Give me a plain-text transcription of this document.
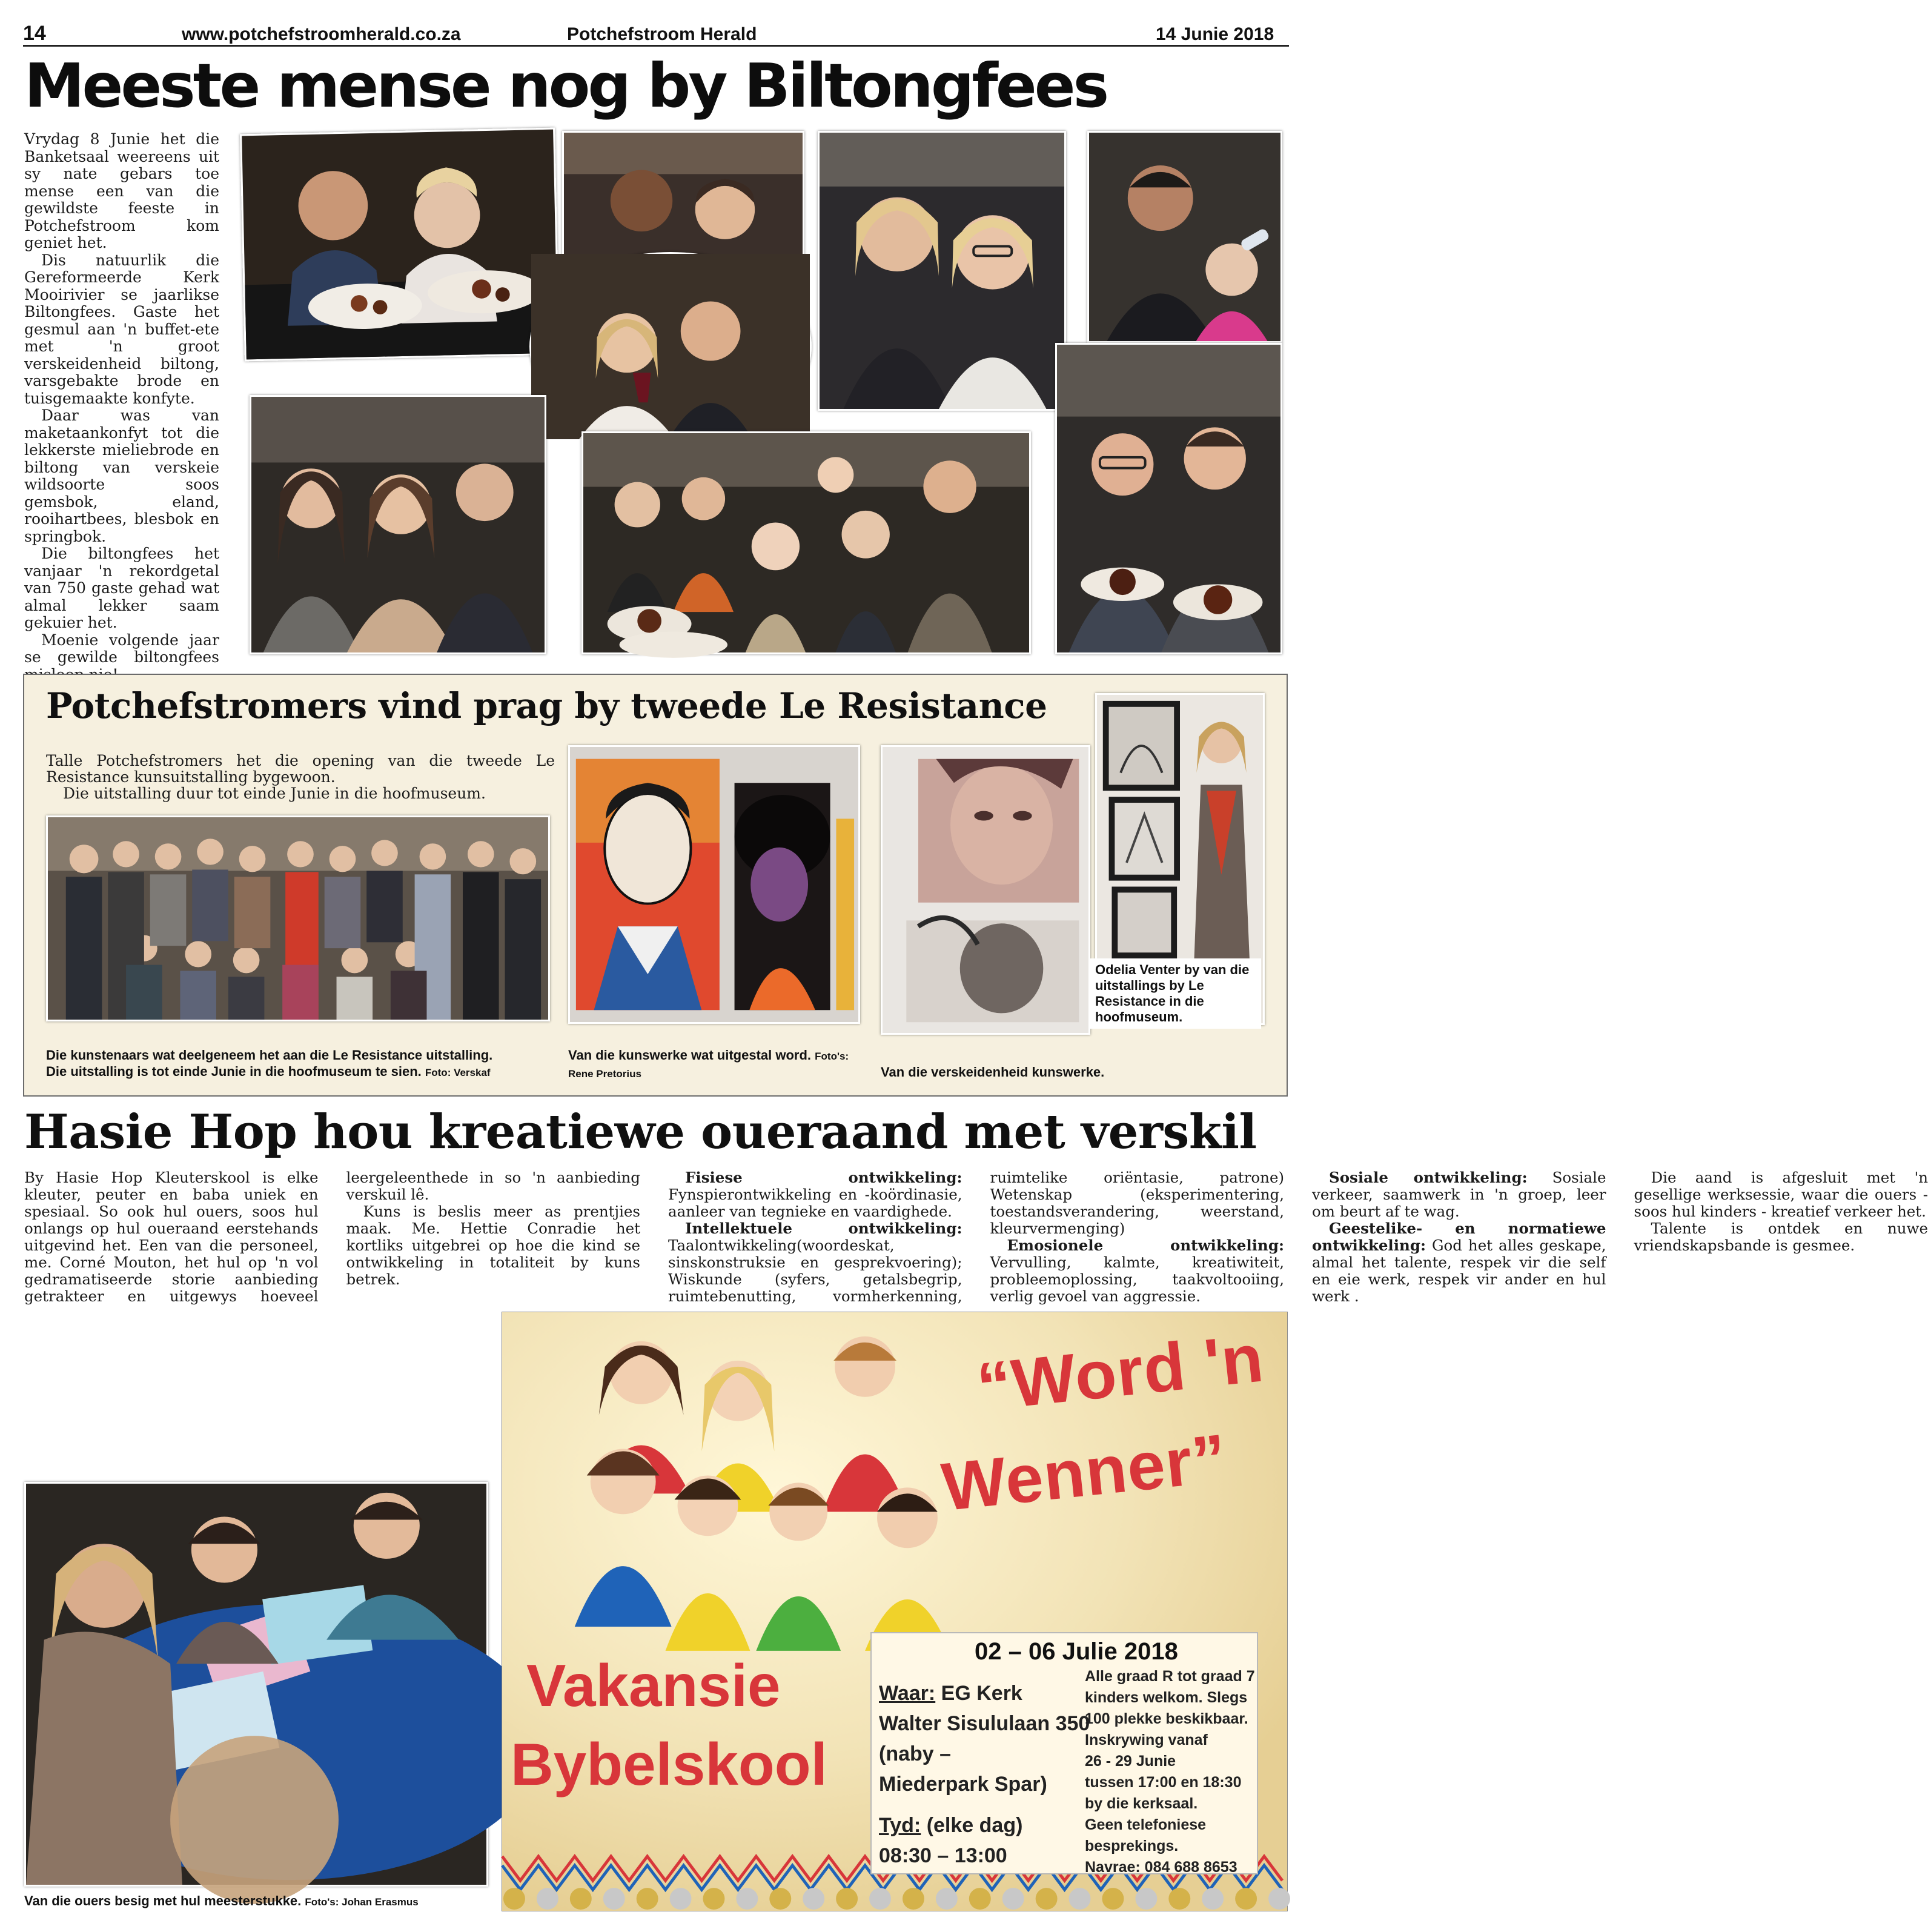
14	www.potchefstroomherald.co.za	Potchefstroom Herald	14 Junie 2018
Meeste mense nog by Biltongfees

Vrydag 8 Junie het die Banketsaal weereens uit sy nate gebars toe mense een van die gewildste feeste in Potchefstroom kom geniet het.

Dis natuurlik die Gereformeerde Kerk Mooirivier se jaarlikse Biltongfees. Gaste het gesmul aan 'n buffet-ete met 'n groot verskeidenheid biltong, varsgebakte brode en tuisgemaakte konfyte.

Daar was van maketaankonfyt tot die lekkerste mieliebrode en biltong van verskeie wildsoorte soos gemsbok, eland, rooihartbees, blesbok en springbok.

Die biltongfees het vanjaar 'n rekordgetal van 750 gaste gehad wat almal lekker saam gekuier het.

Moenie volgende jaar se gewilde biltongfees

Potchefstromers vind prag by tweede Le Resistance

Talle Potchefstromers het die opening van die tweede Le Resistance kunsuitstalling bygewoon.

Die uitstalling duur tot einde Junie in die hoofmuseum.

Die kunstenaars wat deelgeneem het aan die Le Resistance uitstalling.
Die uitstalling is tot einde Junie in die hoofmuseum te sien. Foto: Verskaf
Van die kunswerke wat uitgestal word. Foto's: Rene Pretorius
Odelia Venter by van die uitstallings by Le Resistance in die hoofmuseum.
Van die verskeidenheid kunswerke.
Hasie Hop hou kreatiewe oueraand met verskil

By Hasie Hop Kleuterskool is elke kleuter, peuter en baba uniek en spesiaal. So ook hul ouers, soos hul onlangs op hul oueraand eerstehands uitgevind het. Een van die personeel, me. Corné Mouton, het hul op 'n vol gedramatiseerde storie aanbieding getrakteer en uitgewys hoeveel leergeleenthede in so 'n aanbieding verskuil lê.

Kuns is beslis meer as prentjies maak. Me. Hettie Conradie het kortliks uitgebrei op hoe die kind se ontwikkeling in totaliteit by kuns betrek.

Fisiese ontwikkeling: Fynspierontwikkeling en -koördinasie, aanleer van tegnieke en vaardighede.

Intellektuele ontwikkeling: Taalontwikkeling(woordeskat, sinskonstruksie en gesprekvoering); Wiskunde (syfers, getalsbegrip, ruimtebenutting, vormherkenning, ruimtelike oriëntasie, patrone) Wetenskap (eksperimentering, toestandsverandering, weerstand, kleurvermenging)

Emosionele ontwikkeling: Vervulling, kalmte, kreatiwiteit, probleemoplossing, taakvoltooiing, verlig gevoel van aggressie.

Sosiale ontwikkeling: Sosiale verkeer, saamwerk in 'n groep, leer om beurt af te wag.

Geestelike- en normatiewe ontwikkeling: God het alles geskape, almal het talente, respek vir die self en eie werk, respek vir ander en hul werk .

Die aand is afgesluit met 'n gesellige werksessie, waar die ouers - soos hul kinders - kreatief verkeer het.

Talente is ontdek en nuwe vriendskapsbande is gesmee.

Van die ouers besig met hul meesterstukke. Foto's: Johan Erasmus
“Word 'n
Wenner”
Vakansie
Bybelskool
02 – 06 Julie 2018
Waar: EG Kerk
Walter Sisululaan 350
(naby –
Miederpark Spar)
Tyd: (elke dag)
08:30 – 13:00
Alle graad R tot graad 7
kinders welkom. Slegs
100 plekke beskikbaar.
Inskrywing vanaf
26 - 29 Junie
tussen 17:00 en 18:30
by die kerksaal.
Geen telefoniese
besprekings.
Navrae: 084 688 8653
